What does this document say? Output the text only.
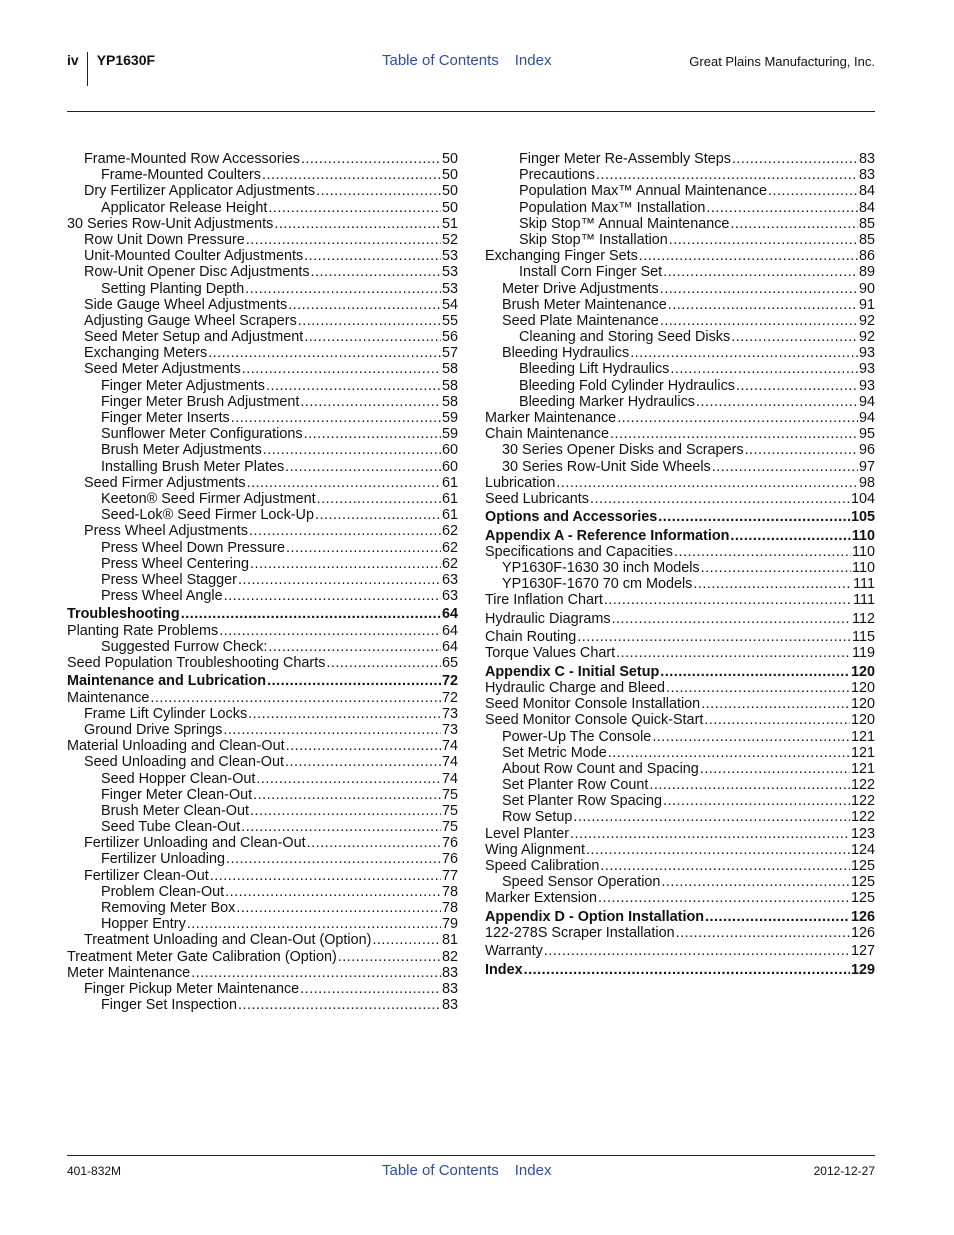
iv YP1630F	Table of Contents Index	Great Plains Manufacturing, Inc.
Frame-Mounted Row Accessories .....	50
Frame-Mounted Coulters .....	50
Dry Fertilizer Applicator Adjustments .....	50
Applicator Release Height .....	50
30 Series Row-Unit Adjustments .....	51
Row Unit Down Pressure .....	52
Unit-Mounted Coulter Adjustments .....	53
Row-Unit Opener Disc Adjustments .....	53
Setting Planting Depth .....	53
Side Gauge Wheel Adjustments .....	54
Adjusting Gauge Wheel Scrapers .....	55
Seed Meter Setup and Adjustment .....	56
Exchanging Meters .....	57
Seed Meter Adjustments .....	58
Finger Meter Adjustments .....	58
Finger Meter Brush Adjustment .....	58
Finger Meter Inserts .....	59
Sunflower Meter Configurations .....	59
Brush Meter Adjustments .....	60
Installing Brush Meter Plates .....	60
Seed Firmer Adjustments .....	61
Keeton® Seed Firmer Adjustment .....	61
Seed-Lok® Seed Firmer Lock-Up .....	61
Press Wheel Adjustments .....	62
Press Wheel Down Pressure .....	62
Press Wheel Centering .....	62
Press Wheel Stagger .....	63
Press Wheel Angle .....	63
Troubleshooting .....	64
Planting Rate Problems .....	64
Suggested Furrow Check: .....	64
Seed Population Troubleshooting Charts .....	65
Maintenance and Lubrication .....	72
Maintenance .....	72
Frame Lift Cylinder Locks .....	73
Ground Drive Springs .....	73
Material Unloading and Clean-Out .....	74
Seed Unloading and Clean-Out .....	74
Seed Hopper Clean-Out .....	74
Finger Meter Clean-Out .....	75
Brush Meter Clean-Out .....	75
Seed Tube Clean-Out .....	75
Fertilizer Unloading and Clean-Out .....	76
Fertilizer Unloading .....	76
Fertilizer Clean-Out .....	77
Problem Clean-Out .....	78
Removing Meter Box .....	78
Hopper Entry .....	79
Treatment Unloading and Clean-Out (Option) .....	81
Treatment Meter Gate Calibration (Option) .....	82
Meter Maintenance .....	83
Finger Pickup Meter Maintenance .....	83
Finger Set Inspection .....	83
Finger Meter Re-Assembly Steps .....	83
Precautions .....	83
Population Max™ Annual Maintenance .....	84
Population Max™ Installation .....	84
Skip Stop™ Annual Maintenance .....	85
Skip Stop™ Installation .....	85
Exchanging Finger Sets .....	86
Install Corn Finger Set .....	89
Meter Drive Adjustments .....	90
Brush Meter Maintenance .....	91
Seed Plate Maintenance .....	92
Cleaning and Storing Seed Disks .....	92
Bleeding Hydraulics .....	93
Bleeding Lift Hydraulics .....	93
Bleeding Fold Cylinder Hydraulics .....	93
Bleeding Marker Hydraulics .....	94
Marker Maintenance .....	94
Chain Maintenance .....	95
30 Series Opener Disks and Scrapers .....	96
30 Series Row-Unit Side Wheels .....	97
Lubrication .....	98
Seed Lubricants .....	104
Options and Accessories .....	105
Appendix A - Reference Information .....	110
Specifications and Capacities .....	110
YP1630F-1630 30 inch Models .....	110
YP1630F-1670 70 cm Models .....	111
Tire Inflation Chart .....	111
Hydraulic Diagrams .....	112
Chain Routing .....	115
Torque Values Chart .....	119
Appendix C - Initial Setup .....	120
Hydraulic Charge and Bleed .....	120
Seed Monitor Console Installation .....	120
Seed Monitor Console Quick-Start .....	120
Power-Up The Console .....	121
Set Metric Mode .....	121
About Row Count and Spacing .....	121
Set Planter Row Count .....	122
Set Planter Row Spacing .....	122
Row Setup .....	122
Level Planter .....	123
Wing Alignment .....	124
Speed Calibration .....	125
Speed Sensor Operation .....	125
Marker Extension .....	125
Appendix D - Option Installation .....	126
122-278S Scraper Installation .....	126
Warranty .....	127
Index .....	129
401-832M	Table of Contents Index	2012-12-27
